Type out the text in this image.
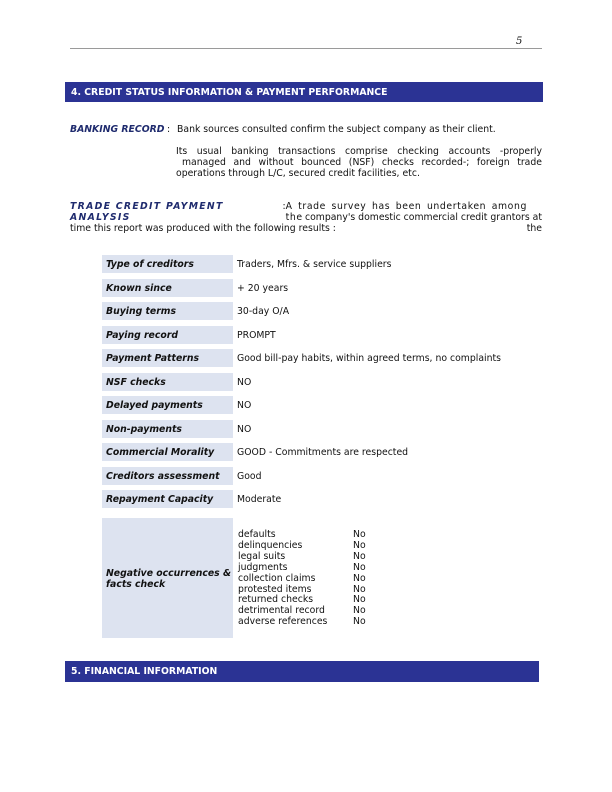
5
4. CREDIT STATUS INFORMATION & PAYMENT PERFORMANCE
BANKING RECORD : Bank sources consulted confirm the subject company as their client.
Its usual banking transactions comprise checking accounts -properly
managed and without bounced (NSF) checks recorded-; foreign trade
operations through L/C, secured credit facilities, etc.
TRADE CREDIT PAYMENT ANALYSIS
: A trade survey has been undertaken among the company's domestic commercial credit grantors at the
time this report was produced with the following results :
Type of creditors	Traders, Mfrs. & service suppliers
Known since	+ 20 years
Buying terms	30-day O/A
Paying record	PROMPT
Payment Patterns	Good bill-pay habits, within agreed terms, no complaints
NSF checks	NO
Delayed payments	NO
Non-payments	NO
Commercial Morality	GOOD - Commitments are respected
Creditors assessment	Good
Repayment Capacity	Moderate
Negative occurrences & facts check
defaults	No
delinquencies	No
legal suits	No
judgments	No
collection claims	No
protested items	No
returned checks	No
detrimental record	No
adverse references	No
5. FINANCIAL INFORMATION
